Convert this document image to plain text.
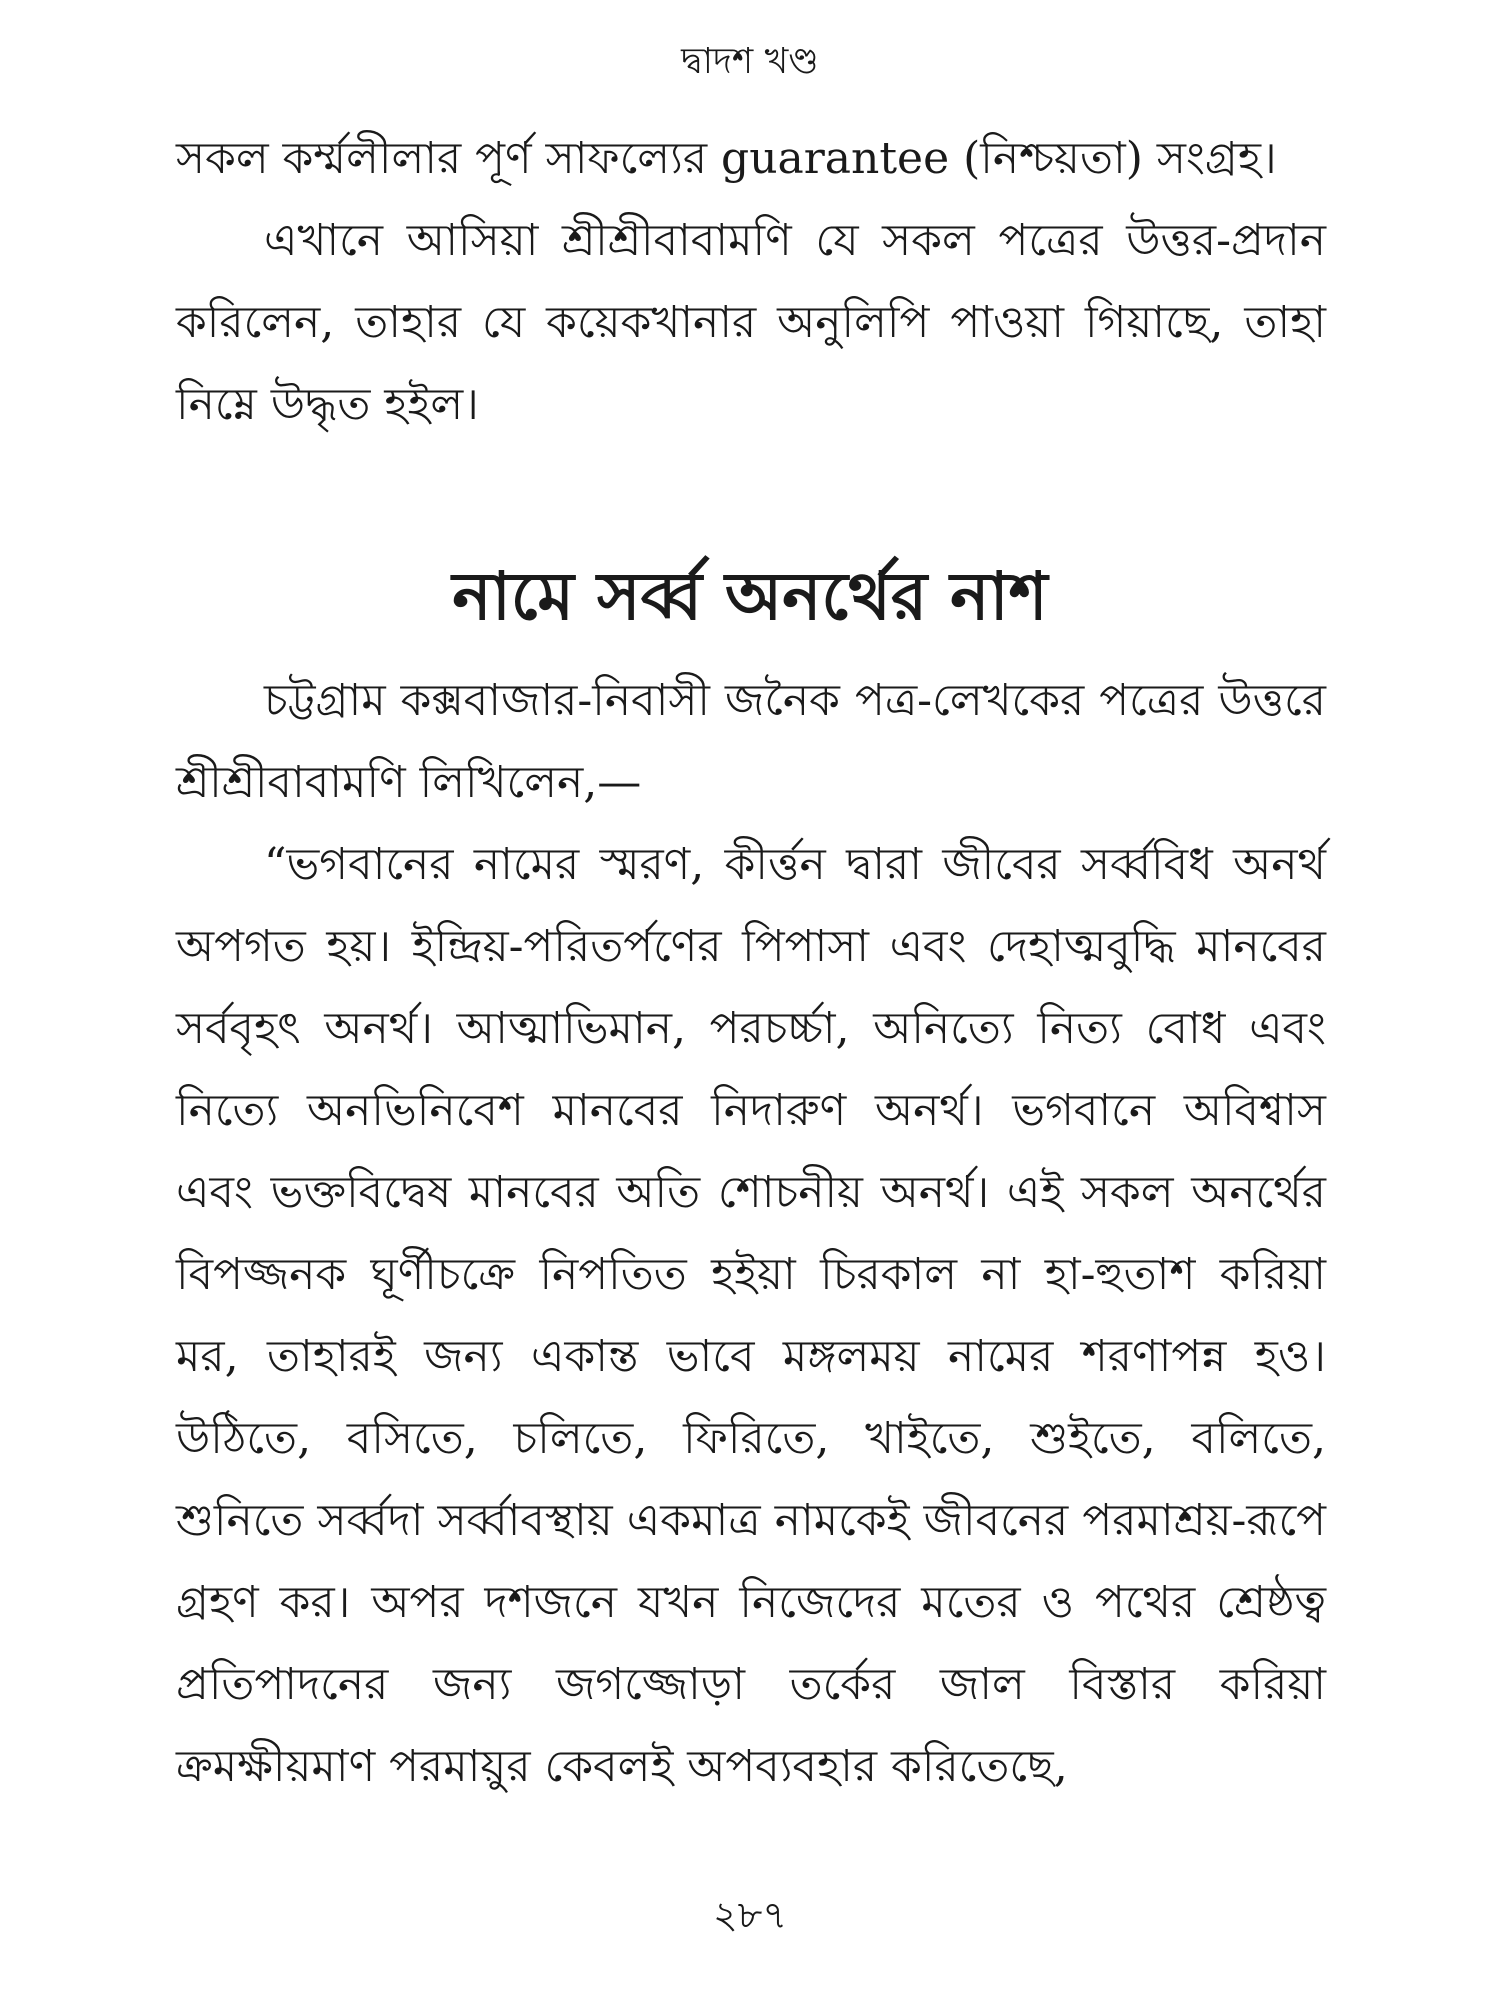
দ্বাদশ খণ্ড

সকল কর্ম্মলীলার পূর্ণ সাফল্যের guarantee (নিশ্চয়তা) সংগ্রহ।

এখানে আসিয়া শ্রীশ্রীবাবামণি যে সকল পত্রের উত্তর-প্রদান করিলেন, তাহার যে কয়েকখানার অনুলিপি পাওয়া গিয়াছে, তাহা নিম্নে উদ্ধৃত হইল।

নামে সর্ব্ব অনর্থের নাশ

চট্টগ্রাম কক্সবাজার-নিবাসী জনৈক পত্র-লেখকের পত্রের উত্তরে শ্রীশ্রীবাবামণি লিখিলেন,—

“ভগবানের নামের স্মরণ, কীর্ত্তন দ্বারা জীবের সর্ব্ববিধ অনর্থ অপগত হয়। ইন্দ্রিয়-পরিতর্পণের পিপাসা এবং দেহাত্মবুদ্ধি মানবের সর্ববৃহৎ অনর্থ। আত্মাভিমান, পরচর্চ্চা, অনিত্যে নিত্য বোধ এবং নিত্যে অনভিনিবেশ মানবের নিদারুণ অনর্থ। ভগবানে অবিশ্বাস এবং ভক্তবিদ্বেষ মানবের অতি শোচনীয় অনর্থ। এই সকল অনর্থের বিপজ্জনক ঘূর্ণীচক্রে নিপতিত হইয়া চিরকাল না হা-হুতাশ করিয়া মর, তাহারই জন্য একান্ত ভাবে মঙ্গলময় নামের শরণাপন্ন হও। উঠিতে, বসিতে, চলিতে, ফিরিতে, খাইতে, শুইতে, বলিতে, শুনিতে সর্ব্বদা সর্ব্বাবস্থায় একমাত্র নামকেই জীবনের পরমাশ্রয়-রূপে গ্রহণ কর। অপর দশজনে যখন নিজেদের মতের ও পথের শ্রেষ্ঠত্ব প্রতিপাদনের জন্য জগজ্জোড়া তর্কের জাল বিস্তার করিয়া ক্রমক্ষীয়মাণ পরমায়ুর কেবলই অপব্যবহার করিতেছে,

২৮৭
